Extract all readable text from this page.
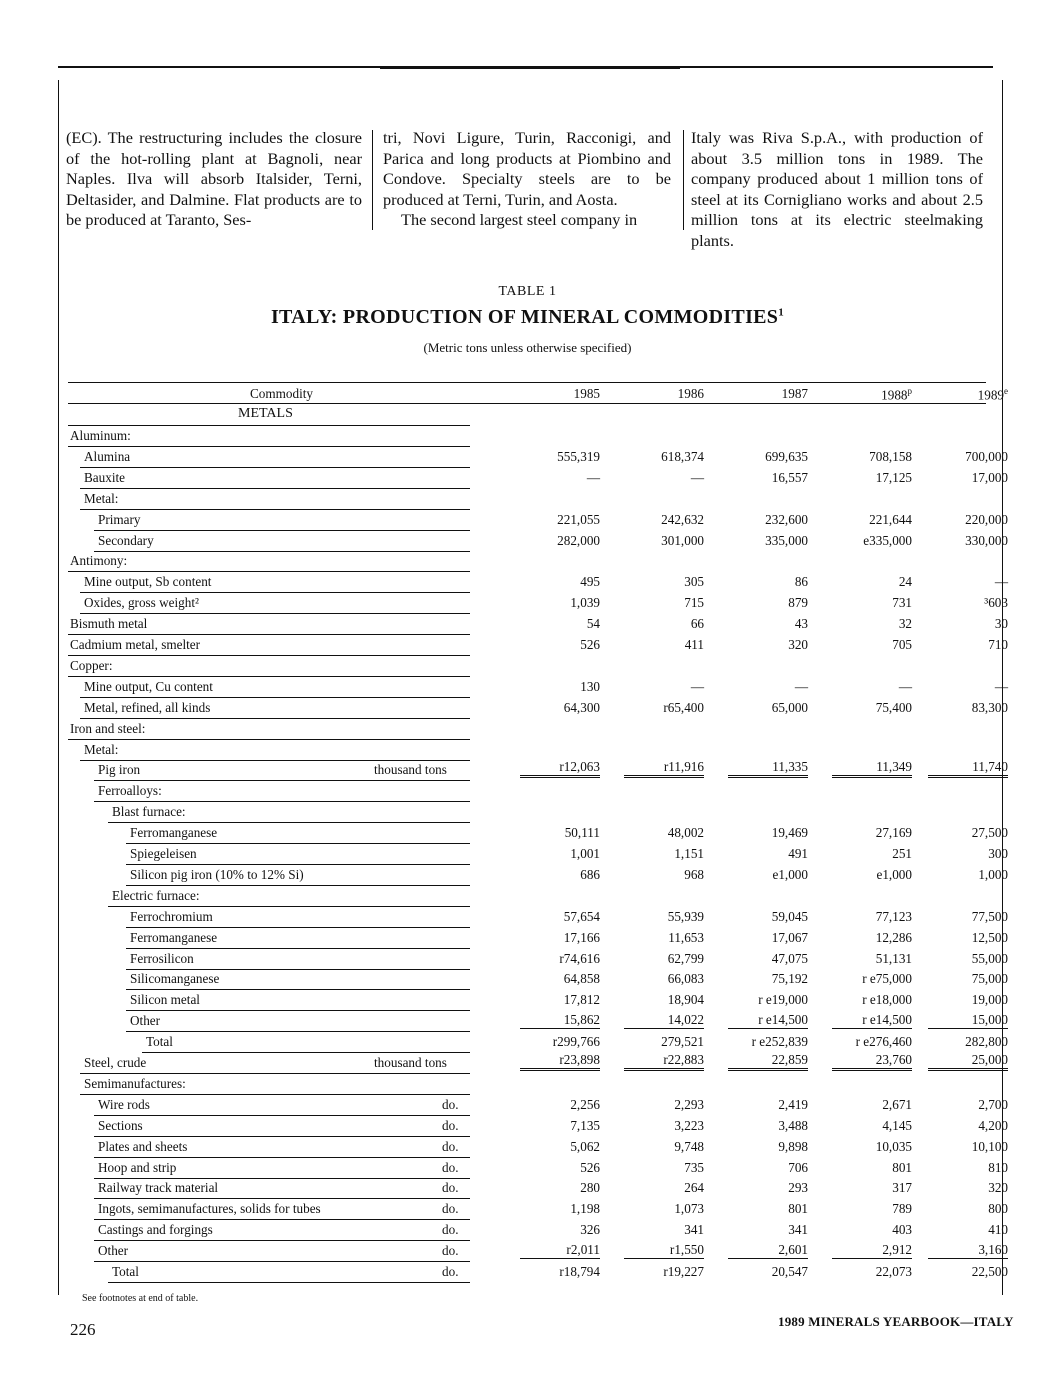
(EC). The restructuring includes the closure of the hot-rolling plant at Bagnoli, near Naples. Ilva will absorb Italsider, Terni, Deltasider, and Dalmine. Flat products are to be produced at Taranto, Ses-

tri, Novi Ligure, Turin, Racconigi, and Parica and long products at Piombino and Condove. Specialty steels are to be produced at Terni, Turin, and Aosta.

The second largest steel company in

Italy was Riva S.p.A., with production of about 3.5 million tons in 1989. The company produced about 1 million tons of steel at its Cornigliano works and about 2.5 million tons at its electric steelmaking plants.

TABLE 1
ITALY: PRODUCTION OF MINERAL COMMODITIES$^1$
(Metric tons unless otherwise specified)
Commodity	1985	1986	1987	1988$^p$	1989e
METALS
Aluminum:
Alumina	555,319	618,374	699,635	708,158	700,000
Bauxite	—	—	16,557	17,125	17,000
Metal:
Primary	221,055	242,632	232,600	221,644	220,000
Secondary	282,000	301,000	335,000	e335,000	330,000
Antimony:
Mine output, Sb content	495	305	86	24	—
Oxides, gross weight²	1,039	715	879	731	³603
Bismuth metal	54	66	43	32	30
Cadmium metal, smelter	526	411	320	705	710
Copper:
Mine output, Cu content	130	—	—	—	—
Metal, refined, all kinds	64,300	r65,400	65,000	75,400	83,300
Iron and steel:
Metal:
Pig iron	thousand tons	r12,063	r11,916	11,335	11,349	11,740
Ferroalloys:
Blast furnace:
Ferromanganese	50,111	48,002	19,469	27,169	27,500
Spiegeleisen	1,001	1,151	491	251	300
Silicon pig iron (10% to 12% Si)	686	968	e1,000	e1,000	1,000
Electric furnace:
Ferrochromium	57,654	55,939	59,045	77,123	77,500
Ferromanganese	17,166	11,653	17,067	12,286	12,500
Ferrosilicon	r74,616	62,799	47,075	51,131	55,000
Silicomanganese	64,858	66,083	75,192	r e75,000	75,000
Silicon metal	17,812	18,904	r e19,000	r e18,000	19,000
Other	15,862	14,022	r e14,500	r e14,500	15,000
Total	r299,766	279,521	r e252,839	r e276,460	282,800
Steel, crude	thousand tons	r23,898	r22,883	22,859	23,760	25,000
Semimanufactures:
Wire rods	do.	2,256	2,293	2,419	2,671	2,700
Sections	do.	7,135	3,223	3,488	4,145	4,200
Plates and sheets	do.	5,062	9,748	9,898	10,035	10,100
Hoop and strip	do.	526	735	706	801	810
Railway track material	do.	280	264	293	317	320
Ingots, semimanufactures, solids for tubes	do.	1,198	1,073	801	789	800
Castings and forgings	do.	326	341	341	403	410
Other	do.	r2,011	r1,550	2,601	2,912	3,160
Total	do.	r18,794	r19,227	20,547	22,073	22,500
See footnotes at end of table.
226	1989 MINERALS YEARBOOK—ITALY
